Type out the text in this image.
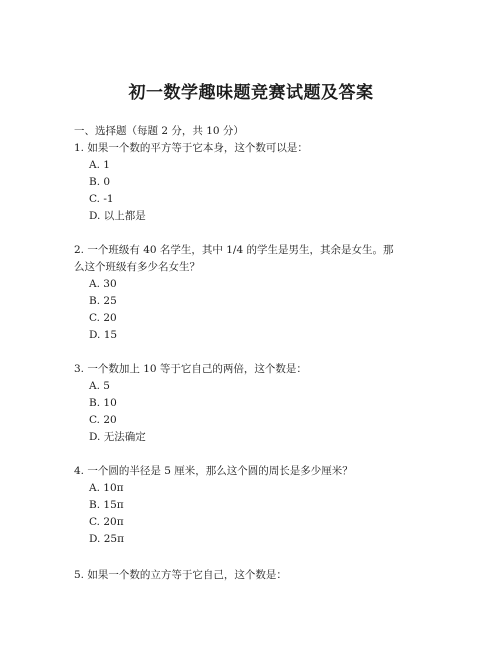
初一数学趣味题竞赛试题及答案
一、选择题（每题 2 分，共 10 分）
1. 如果一个数的平方等于它本身，这个数可以是：
A. 1
B. 0
C. -1
D. 以上都是
2. 一个班级有 40 名学生，其中 1/4 的学生是男生，其余是女生。那
么这个班级有多少名女生？
A. 30
B. 25
C. 20
D. 15
3. 一个数加上 10 等于它自己的两倍，这个数是：
A. 5
B. 10
C. 20
D. 无法确定
4. 一个圆的半径是 5 厘米，那么这个圆的周长是多少厘米？
A. 10π
B. 15π
C. 20π
D. 25π
5. 如果一个数的立方等于它自己，这个数是：
